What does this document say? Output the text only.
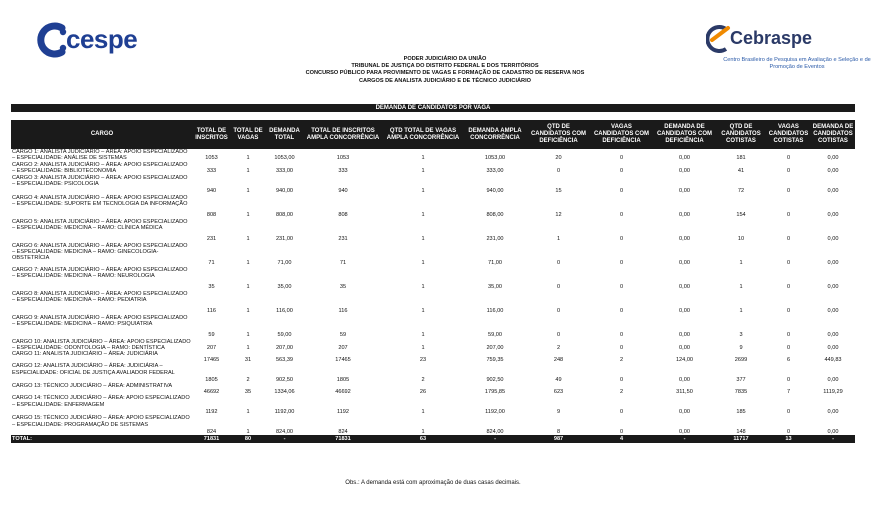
cespe	Cebraspe
Centro Brasileiro de Pesquisa em Avaliação e Seleção e de Promoção de Eventos
PODER JUDICIÁRIO DA UNIÃO
TRIBUNAL DE JUSTIÇA DO DISTRITO FEDERAL E DOS TERRITÓRIOS
CONCURSO PÚBLICO PARA PROVIMENTO DE VAGAS E FORMAÇÃO DE CADASTRO DE RESERVA NOS
CARGOS DE ANALISTA JUDICIÁRIO E DE TÉCNICO JUDICIÁRIO
DEMANDA DE CANDIDATOS POR VAGA
CARGO	TOTAL DE INSCRITOS	TOTAL DE VAGAS	DEMANDA TOTAL	TOTAL DE INSCRITOS AMPLA CONCORRÊNCIA	QTD TOTAL DE VAGAS AMPLA CONCORRÊNCIA	DEMANDA AMPLA CONCORRÊNCIA	QTD DE CANDIDATOS COM DEFICIÊNCIA	VAGAS CANDIDATOS COM DEFICIÊNCIA	DEMANDA DE CANDIDATOS COM DEFICIÊNCIA	QTD DE CANDIDATOS COTISTAS	VAGAS CANDIDATOS COTISTAS	DEMANDA DE CANDIDATOS COTISTAS
CARGO 1: ANALISTA JUDICIÁRIO – ÁREA: APOIO ESPECIALIZADO – ESPECIALIDADE: ANÁLISE DE SISTEMAS	1053	1	1053,00	1053	1	1053,00	20	0	0,00	181	0	0,00
CARGO 2: ANALISTA JUDICIÁRIO – ÁREA: APOIO ESPECIALIZADO – ESPECIALIDADE: BIBLIOTECONOMIA	333	1	333,00	333	1	333,00	0	0	0,00	41	0	0,00
CARGO 3: ANALISTA JUDICIÁRIO – ÁREA: APOIO ESPECIALIZADO – ESPECIALIDADE: PSICOLOGIA	940	1	940,00	940	1	940,00	15	0	0,00	72	0	0,00
CARGO 4: ANALISTA JUDICIÁRIO – ÁREA: APOIO ESPECIALIZADO – ESPECIALIDADE: SUPORTE EM TECNOLOGIA DA INFORMAÇÃO	808	1	808,00	808	1	808,00	12	0	0,00	154	0	0,00
CARGO 5: ANALISTA JUDICIÁRIO – ÁREA: APOIO ESPECIALIZADO – ESPECIALIDADE: MEDICINA – RAMO: CLÍNICA MÉDICA	231	1	231,00	231	1	231,00	1	0	0,00	10	0	0,00
CARGO 6: ANALISTA JUDICIÁRIO – ÁREA: APOIO ESPECIALIZADO – ESPECIALIDADE: MEDICINA – RAMO: GINECOLOGIA-OBSTETRÍCIA	71	1	71,00	71	1	71,00	0	0	0,00	1	0	0,00
CARGO 7: ANALISTA JUDICIÁRIO – ÁREA: APOIO ESPECIALIZADO – ESPECIALIDADE: MEDICINA – RAMO: NEUROLOGIA	35	1	35,00	35	1	35,00	0	0	0,00	1	0	0,00
CARGO 8: ANALISTA JUDICIÁRIO – ÁREA: APOIO ESPECIALIZADO – ESPECIALIDADE: MEDICINA – RAMO: PEDIATRIA	116	1	116,00	116	1	116,00	0	0	0,00	1	0	0,00
CARGO 9: ANALISTA JUDICIÁRIO – ÁREA: APOIO ESPECIALIZADO – ESPECIALIDADE: MEDICINA – RAMO: PSIQUIATRIA	59	1	59,00	59	1	59,00	0	0	0,00	3	0	0,00
CARGO 10: ANALISTA JUDICIÁRIO – ÁREA: APOIO ESPECIALIZADO – ESPECIALIDADE: ODONTOLOGIA – RAMO: DENTÍSTICA	207	1	207,00	207	1	207,00	2	0	0,00	9	0	0,00
CARGO 11: ANALISTA JUDICIÁRIO – ÁREA: JUDICIÁRIA	17465	31	563,39	17465	23	759,35	248	2	124,00	2699	6	449,83
CARGO 12: ANALISTA JUDICIÁRIO – ÁREA: JUDICIÁRIA – ESPECIALIDADE: OFICIAL DE JUSTIÇA AVALIADOR FEDERAL	1805	2	902,50	1805	2	902,50	49	0	0,00	377	0	0,00
CARGO 13: TÉCNICO JUDICIÁRIO – ÁREA: ADMINISTRATIVA	46692	35	1334,06	46692	26	1795,85	623	2	311,50	7835	7	1119,29
CARGO 14: TÉCNICO JUDICIÁRIO – ÁREA: APOIO ESPECIALIZADO – ESPECIALIDADE: ENFERMAGEM	1192	1	1192,00	1192	1	1192,00	9	0	0,00	185	0	0,00
CARGO 15: TÉCNICO JUDICIÁRIO – ÁREA: APOIO ESPECIALIZADO – ESPECIALIDADE: PROGRAMAÇÃO DE SISTEMAS	824	1	824,00	824	1	824,00	8	0	0,00	148	0	0,00
TOTAL:	71831	80	-	71831	63	-	987	4	-	11717	13	-
Obs.: A demanda está com aproximação de duas casas decimais.
